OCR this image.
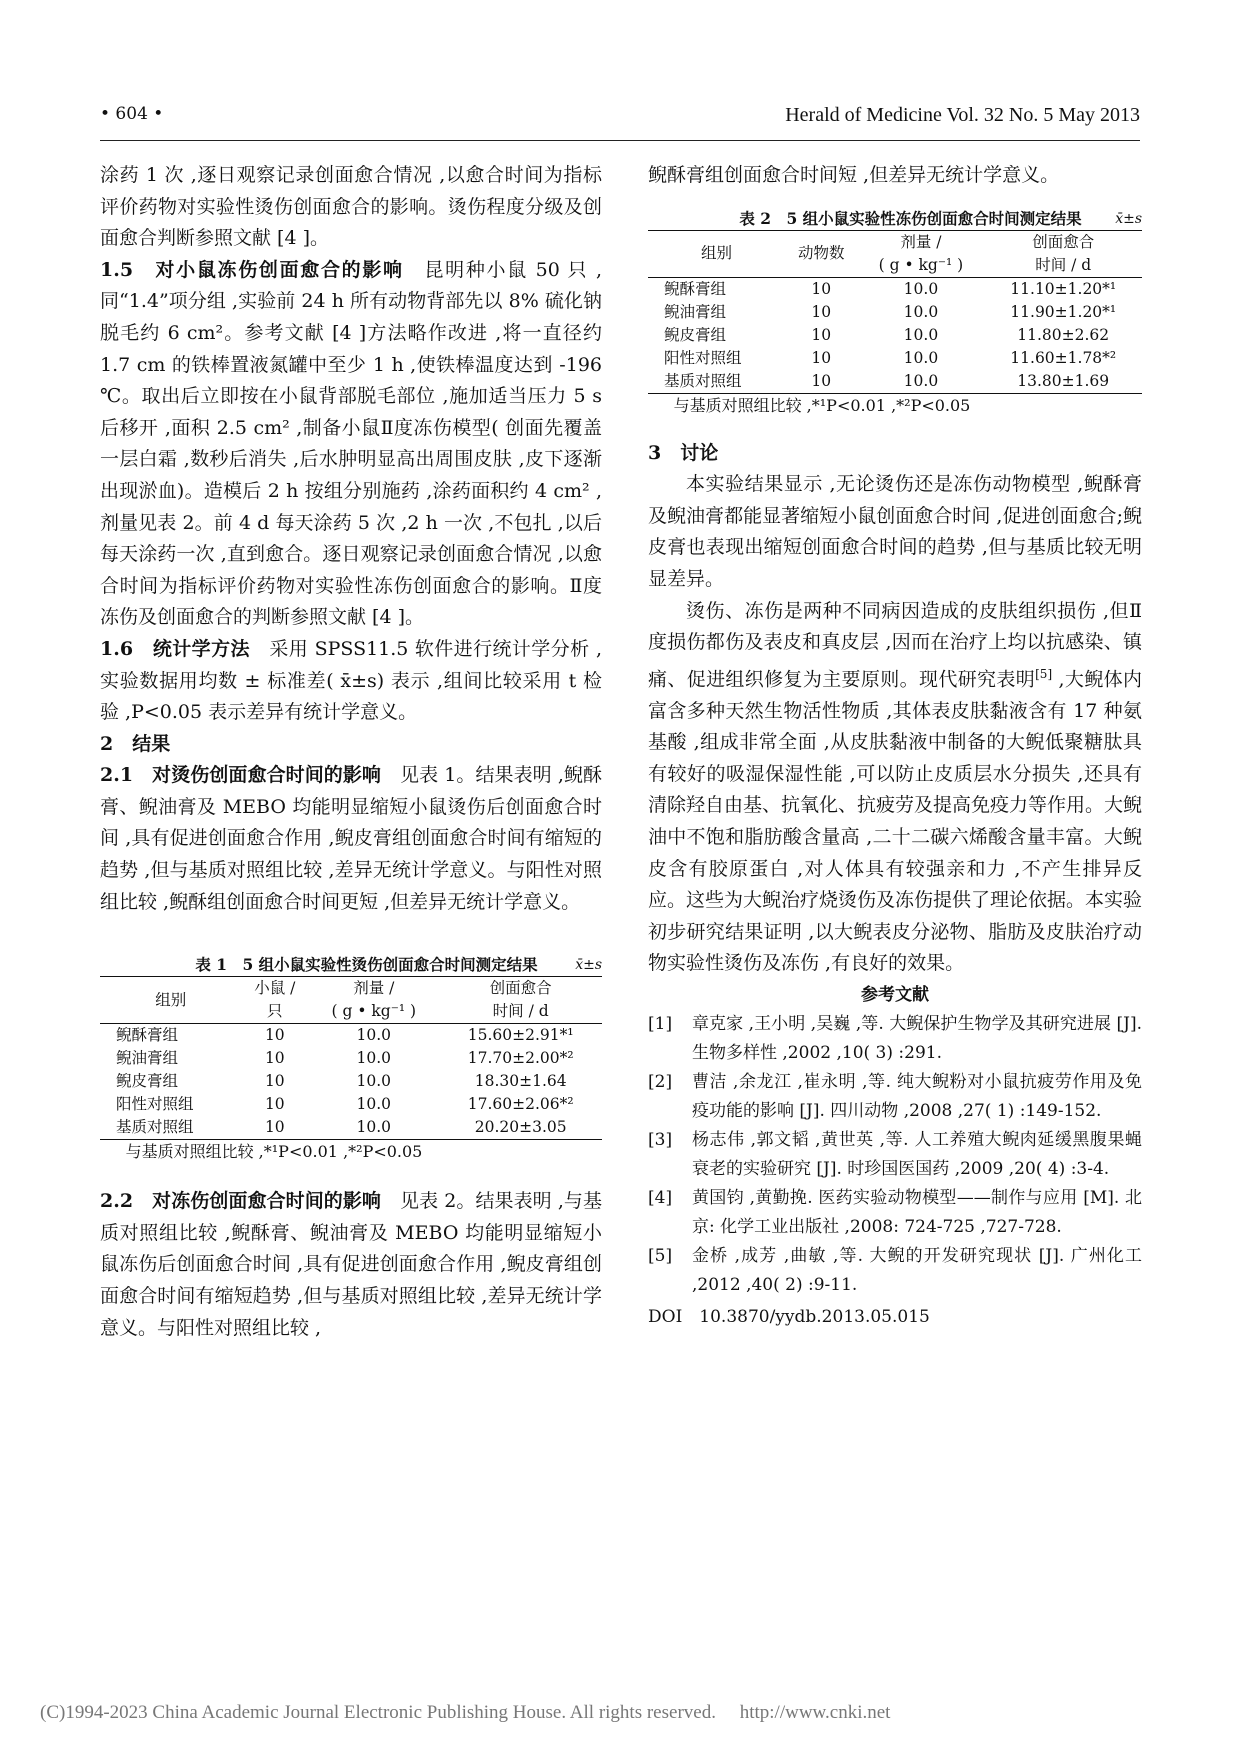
• 604 •	Herald of Medicine Vol. 32 No. 5 May 2013

涂药 1 次 ,逐日观察记录创面愈合情况 ,以愈合时间为指标评价药物对实验性烫伤创面愈合的影响。烫伤程度分级及创面愈合判断参照文献 [4 ]。

1.5　对小鼠冻伤创面愈合的影响　昆明种小鼠 50 只 ,同“1.4”项分组 ,实验前 24 h 所有动物背部先以 8% 硫化钠脱毛约 6 cm²。参考文献 [4 ]方法略作改进 ,将一直径约 1.7 cm 的铁棒置液氮罐中至少 1 h ,使铁棒温度达到 -196 ℃。取出后立即按在小鼠背部脱毛部位 ,施加适当压力 5 s 后移开 ,面积 2.5 cm² ,制备小鼠Ⅱ度冻伤模型( 创面先覆盖一层白霜 ,数秒后消失 ,后水肿明显高出周围皮肤 ,皮下逐渐出现淤血)。造模后 2 h 按组分别施药 ,涂药面积约 4 cm² ,剂量见表 2。前 4 d 每天涂药 5 次 ,2 h 一次 ,不包扎 ,以后每天涂药一次 ,直到愈合。逐日观察记录创面愈合情况 ,以愈合时间为指标评价药物对实验性冻伤创面愈合的影响。Ⅱ度冻伤及创面愈合的判断参照文献 [4 ]。

1.6　统计学方法　采用 SPSS11.5 软件进行统计学分析 ,实验数据用均数 ± 标准差( x̄±s) 表示 ,组间比较采用 t 检验 ,P<0.05 表示差异有统计学意义。

2　结果

2.1　对烫伤创面愈合时间的影响　见表 1。结果表明 ,鲵酥膏、鲵油膏及 MEBO 均能明显缩短小鼠烫伤后创面愈合时间 ,具有促进创面愈合作用 ,鲵皮膏组创面愈合时间有缩短的趋势 ,但与基质对照组比较 ,差异无统计学意义。与阳性对照组比较 ,鲵酥组创面愈合时间更短 ,但差异无统计学意义。

表 1　5 组小鼠实验性烫伤创面愈合时间测定结果	x̄±s

组别	小鼠 /	剂量 /	创面愈合
	只	( g • kg⁻¹ )	时间 / d
鲵酥膏组	10	10.0	15.60±2.91*¹
鲵油膏组	10	10.0	17.70±2.00*²
鲵皮膏组	10	10.0	18.30±1.64
阳性对照组	10	10.0	17.60±2.06*²
基质对照组	10	10.0	20.20±3.05

与基质对照组比较 ,*¹P<0.01 ,*²P<0.05

2.2　对冻伤创面愈合时间的影响　见表 2。结果表明 ,与基质对照组比较 ,鲵酥膏、鲵油膏及 MEBO 均能明显缩短小鼠冻伤后创面愈合时间 ,具有促进创面愈合作用 ,鲵皮膏组创面愈合时间有缩短趋势 ,但与基质对照组比较 ,差异无统计学意义。与阳性对照组比较 ,

鲵酥膏组创面愈合时间短 ,但差异无统计学意义。

表 2　5 组小鼠实验性冻伤创面愈合时间测定结果	x̄±s

组别	动物数	剂量 /	创面愈合
		( g • kg⁻¹ )	时间 / d
鲵酥膏组	10	10.0	11.10±1.20*¹
鲵油膏组	10	10.0	11.90±1.20*¹
鲵皮膏组	10	10.0	11.80±2.62
阳性对照组	10	10.0	11.60±1.78*²
基质对照组	10	10.0	13.80±1.69

与基质对照组比较 ,*¹P<0.01 ,*²P<0.05

3　讨论

本实验结果显示 ,无论烫伤还是冻伤动物模型 ,鲵酥膏及鲵油膏都能显著缩短小鼠创面愈合时间 ,促进创面愈合;鲵皮膏也表现出缩短创面愈合时间的趋势 ,但与基质比较无明显差异。

烫伤、冻伤是两种不同病因造成的皮肤组织损伤 ,但Ⅱ度损伤都伤及表皮和真皮层 ,因而在治疗上均以抗感染、镇痛、促进组织修复为主要原则。现代研究表明[5] ,大鲵体内富含多种天然生物活性物质 ,其体表皮肤黏液含有 17 种氨基酸 ,组成非常全面 ,从皮肤黏液中制备的大鲵低聚糖肽具有较好的吸湿保湿性能 ,可以防止皮质层水分损失 ,还具有清除羟自由基、抗氧化、抗疲劳及提高免疫力等作用。大鲵油中不饱和脂肪酸含量高 ,二十二碳六烯酸含量丰富。大鲵皮含有胶原蛋白 ,对人体具有较强亲和力 ,不产生排异反应。这些为大鲵治疗烧烫伤及冻伤提供了理论依据。本实验初步研究结果证明 ,以大鲵表皮分泌物、脂肪及皮肤治疗动物实验性烫伤及冻伤 ,有良好的效果。

参考文献
[1]	章克家 ,王小明 ,吴巍 ,等. 大鲵保护生物学及其研究进展 [J]. 生物多样性 ,2002 ,10( 3) :291.
[2]	曹洁 ,余龙江 ,崔永明 ,等. 纯大鲵粉对小鼠抗疲劳作用及免疫功能的影响 [J]. 四川动物 ,2008 ,27( 1) :149-152.
[3]	杨志伟 ,郭文韬 ,黄世英 ,等. 人工养殖大鲵肉延缓黑腹果蝇衰老的实验研究 [J]. 时珍国医国药 ,2009 ,20( 4) :3-4.
[4]	黄国钧 ,黄勤挽. 医药实验动物模型——制作与应用 [M]. 北京: 化学工业出版社 ,2008: 724-725 ,727-728.
[5]	金桥 ,成芳 ,曲敏 ,等. 大鲵的开发研究现状 [J]. 广州化工 ,2012 ,40( 2) :9-11.
DOI　10.3870/yydb.2013.05.015
(C)1994-2023 China Academic Journal Electronic Publishing House. All rights reserved.　 http://www.cnki.net
